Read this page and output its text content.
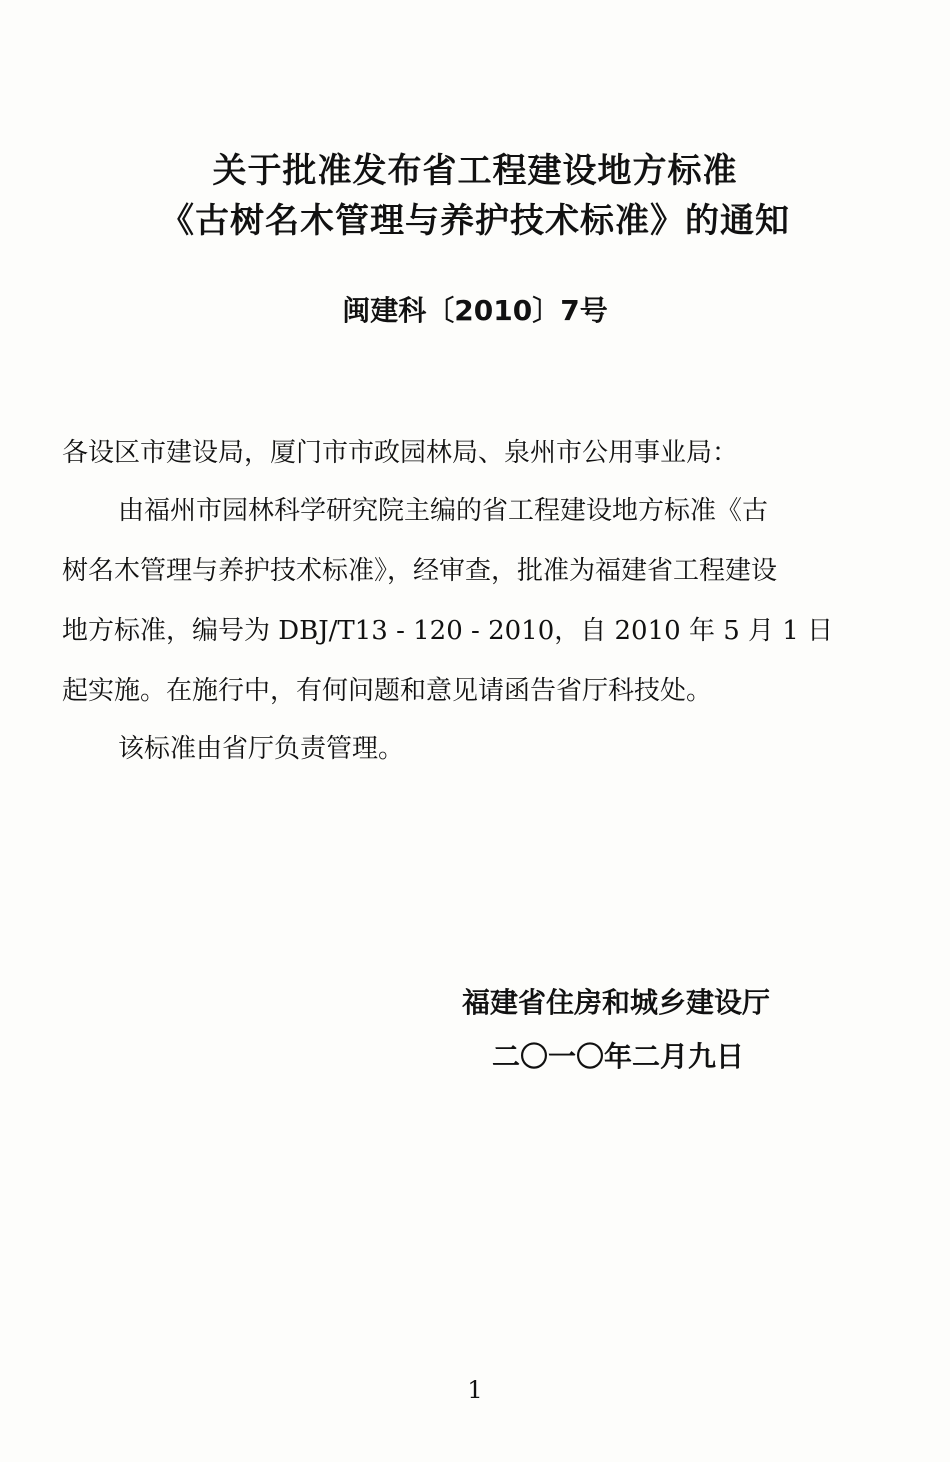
关于批准发布省工程建设地方标准
《古树名木管理与养护技术标准》的通知
闽建科〔2010〕7号
各设区市建设局，厦门市市政园林局、泉州市公用事业局：
由福州市园林科学研究院主编的省工程建设地方标准《古
树名木管理与养护技术标准》，经审查，批准为福建省工程建设
地方标准，编号为 DBJ/T13 - 120 - 2010，自 2010 年 5 月 1 日
起实施。在施行中，有何问题和意见请函告省厅科技处。
该标准由省厅负责管理。
福建省住房和城乡建设厅
二〇一〇年二月九日
1
